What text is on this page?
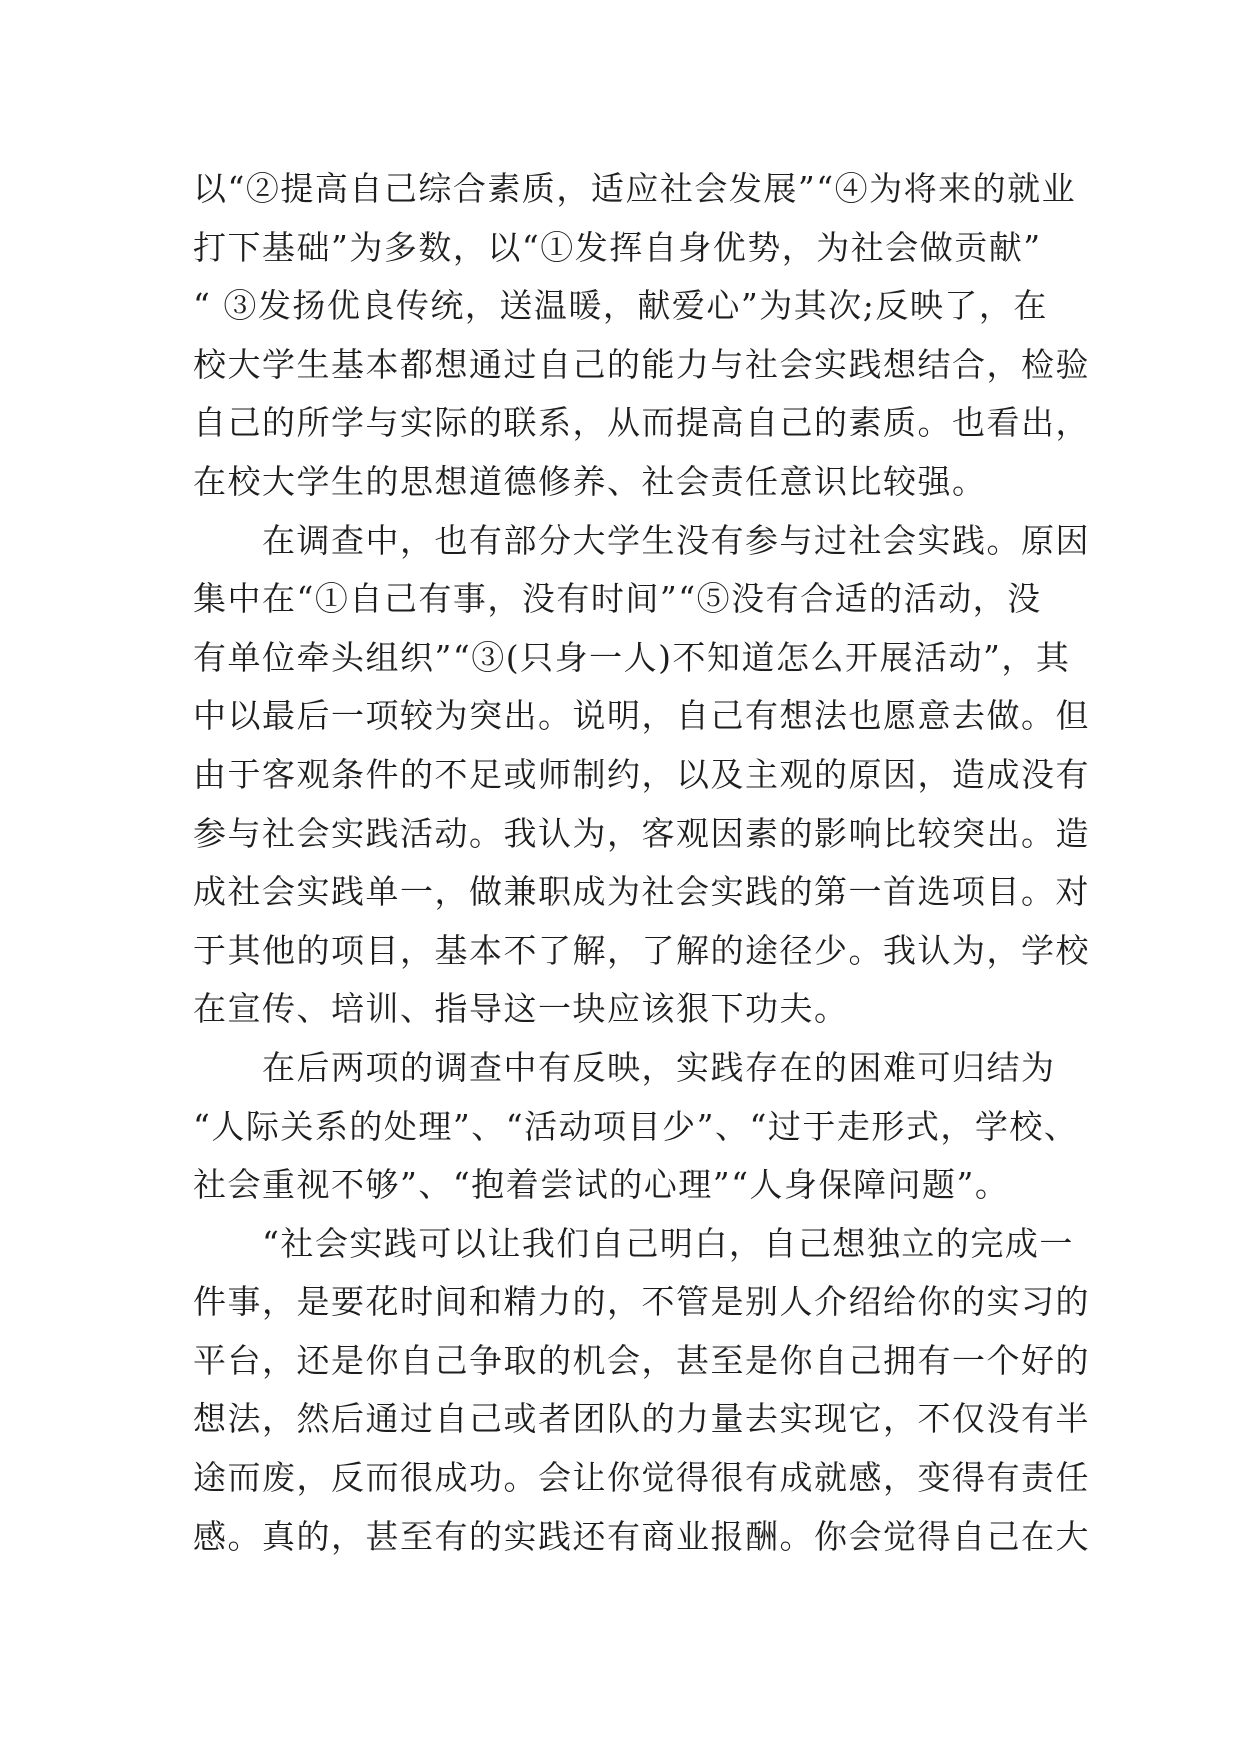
以“②提高自己综合素质，适应社会发展”“④为将来的就业
打下基础”为多数，以“①发挥自身优势，为社会做贡献”
“ ③发扬优良传统，送温暖，献爱心”为其次;反映了，在
校大学生基本都想通过自己的能力与社会实践想结合，检验
自己的所学与实际的联系，从而提高自己的素质。也看出，
在校大学生的思想道德修养、社会责任意识比较强。
　　在调查中，也有部分大学生没有参与过社会实践。原因
集中在“①自己有事，没有时间”“⑤没有合适的活动，没
有单位牵头组织”“③(只身一人)不知道怎么开展活动”，其
中以最后一项较为突出。说明，自己有想法也愿意去做。但
由于客观条件的不足或师制约，以及主观的原因，造成没有
参与社会实践活动。我认为，客观因素的影响比较突出。造
成社会实践单一，做兼职成为社会实践的第一首选项目。对
于其他的项目，基本不了解，了解的途径少。我认为，学校
在宣传、培训、指导这一块应该狠下功夫。
　　在后两项的调查中有反映，实践存在的困难可归结为
“人际关系的处理”、“活动项目少”、“过于走形式，学校、
社会重视不够”、“抱着尝试的心理”“人身保障问题”。
　　“社会实践可以让我们自己明白，自己想独立的完成一
件事，是要花时间和精力的，不管是别人介绍给你的实习的
平台，还是你自己争取的机会，甚至是你自己拥有一个好的
想法，然后通过自己或者团队的力量去实现它，不仅没有半
途而废，反而很成功。会让你觉得很有成就感，变得有责任
感。真的，甚至有的实践还有商业报酬。你会觉得自己在大
